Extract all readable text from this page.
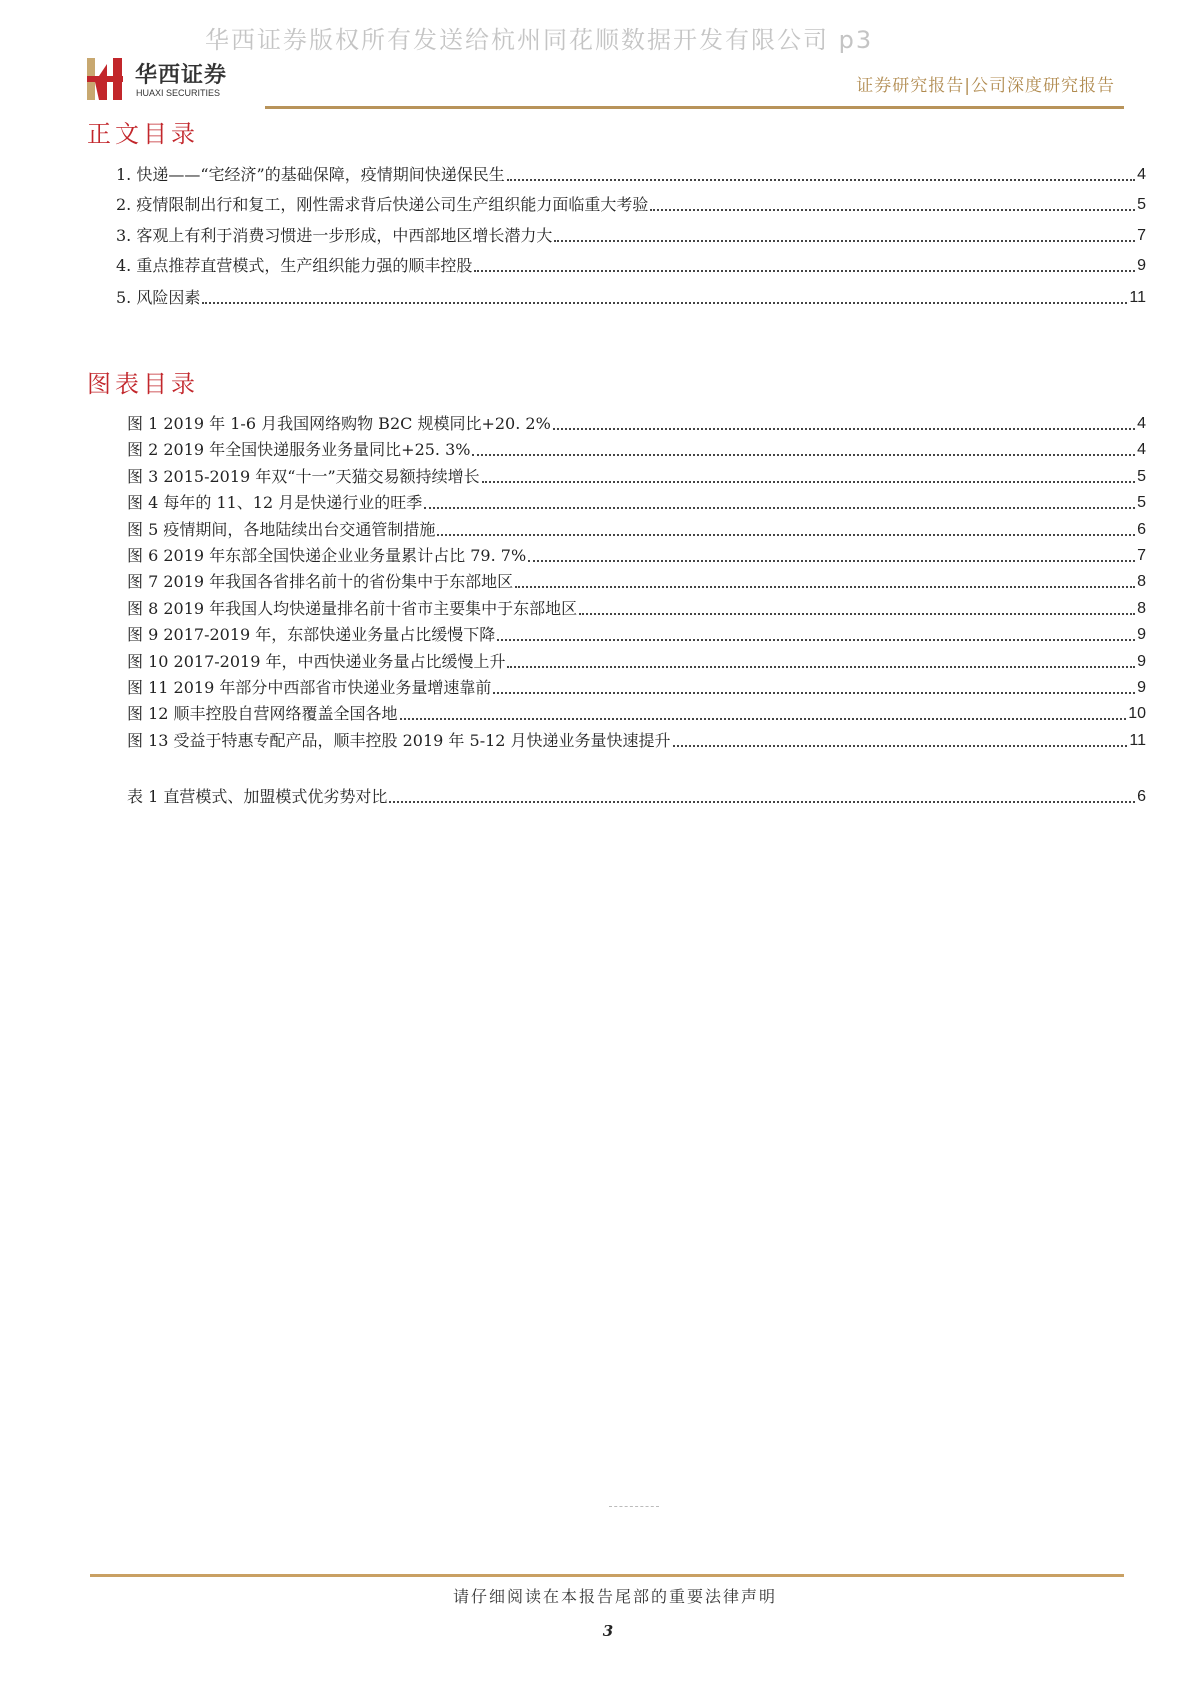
华西证券版权所有发送给杭州同花顺数据开发有限公司 p3
华西证券
HUAXI SECURITIES	证券研究报告|公司深度研究报告
正文目录
1. 快递——“宅经济”的基础保障，疫情期间快递保民生	4
2. 疫情限制出行和复工，刚性需求背后快递公司生产组织能力面临重大考验	5
3. 客观上有利于消费习惯进一步形成，中西部地区增长潜力大	7
4. 重点推荐直营模式，生产组织能力强的顺丰控股	9
5. 风险因素	11
图表目录
图 1 2019 年 1-6 月我国网络购物 B2C 规模同比+20. 2%	4
图 2 2019 年全国快递服务业务量同比+25. 3%	4
图 3 2015-2019 年双“十一”天猫交易额持续增长	5
图 4 每年的 11、12 月是快递行业的旺季	5
图 5 疫情期间，各地陆续出台交通管制措施	6
图 6 2019 年东部全国快递企业业务量累计占比 79. 7%	7
图 7 2019 年我国各省排名前十的省份集中于东部地区	8
图 8 2019 年我国人均快递量排名前十省市主要集中于东部地区	8
图 9 2017-2019 年，东部快递业务量占比缓慢下降	9
图 10 2017-2019 年，中西快递业务量占比缓慢上升	9
图 11 2019 年部分中西部省市快递业务量增速靠前	9
图 12 顺丰控股自营网络覆盖全国各地	10
图 13 受益于特惠专配产品，顺丰控股 2019 年 5-12 月快递业务量快速提升	11
表 1 直营模式、加盟模式优劣势对比	6
请仔细阅读在本报告尾部的重要法律声明
3
